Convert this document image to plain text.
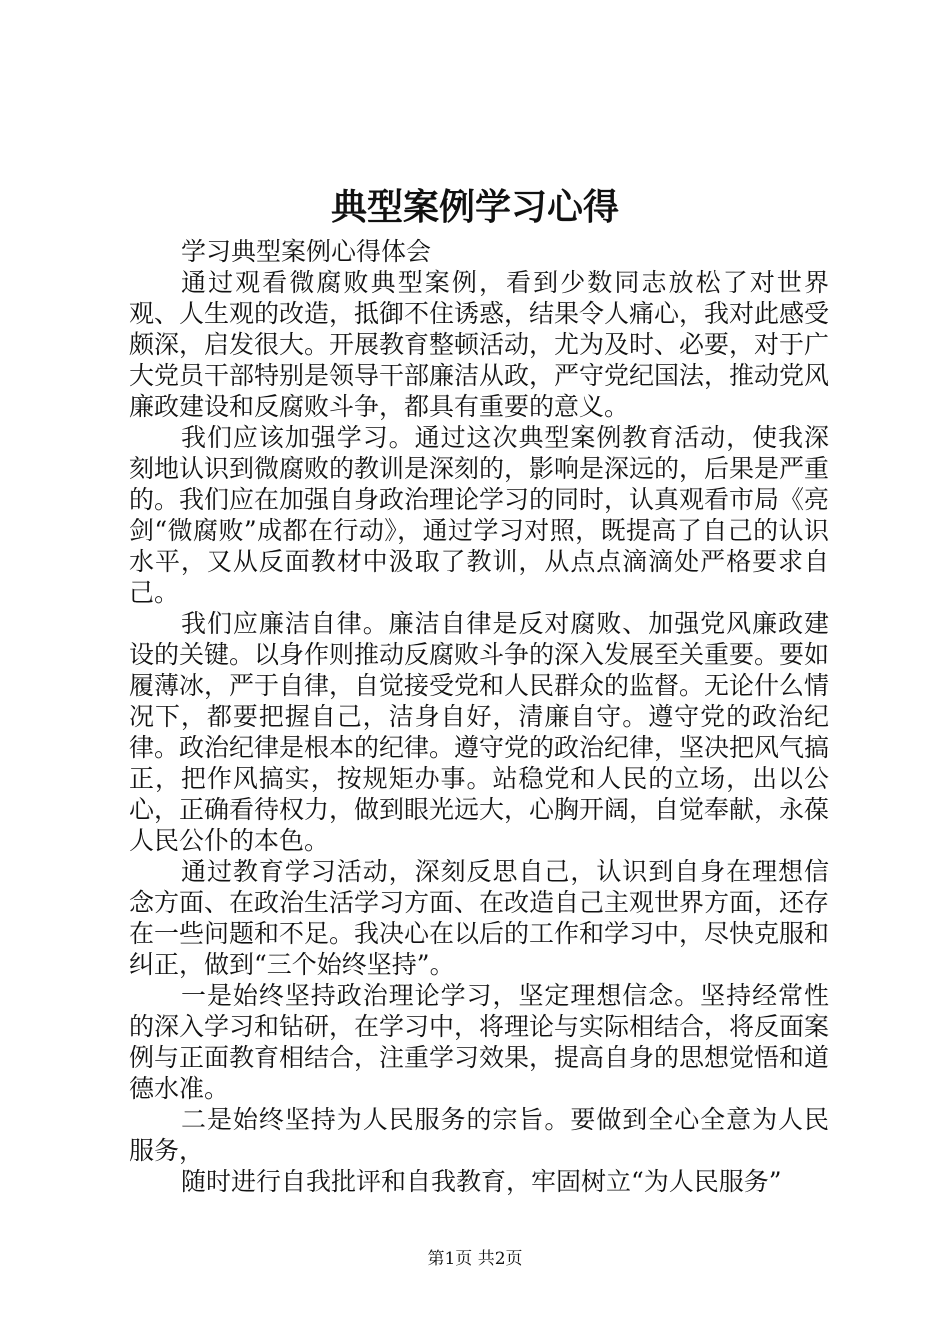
典型案例学习心得

学习典型案例心得体会

通过观看微腐败典型案例，看到少数同志放松了对世界观、人生观的改造，抵御不住诱惑，结果令人痛心，我对此感受颇深，启发很大。开展教育整顿活动，尤为及时、必要，对于广大党员干部特别是领导干部廉洁从政，严守党纪国法，推动党风廉政建设和反腐败斗争，都具有重要的意义。

我们应该加强学习。通过这次典型案例教育活动，使我深刻地认识到微腐败的教训是深刻的，影响是深远的，后果是严重的。我们应在加强自身政治理论学习的同时，认真观看市局《亮剑“微腐败”成都在行动》，通过学习对照，既提高了自己的认识水平，又从反面教材中汲取了教训，从点点滴滴处严格要求自己。

我们应廉洁自律。廉洁自律是反对腐败、加强党风廉政建设的关键。以身作则推动反腐败斗争的深入发展至关重要。要如履薄冰，严于自律，自觉接受党和人民群众的监督。无论什么情况下，都要把握自己，洁身自好，清廉自守。遵守党的政治纪律。政治纪律是根本的纪律。遵守党的政治纪律，坚决把风气搞正，把作风搞实，按规矩办事。站稳党和人民的立场，出以公心，正确看待权力，做到眼光远大，心胸开阔，自觉奉献，永葆人民公仆的本色。

通过教育学习活动，深刻反思自己，认识到自身在理想信念方面、在政治生活学习方面、在改造自己主观世界方面，还存在一些问题和不足。我决心在以后的工作和学习中，尽快克服和纠正，做到“三个始终坚持”。

一是始终坚持政治理论学习，坚定理想信念。坚持经常性的深入学习和钻研，在学习中，将理论与实际相结合，将反面案例与正面教育相结合，注重学习效果，提高自身的思想觉悟和道德水准。

二是始终坚持为人民服务的宗旨。要做到全心全意为人民服务，

随时进行自我批评和自我教育，牢固树立“为人民服务”

第1页 共2页
